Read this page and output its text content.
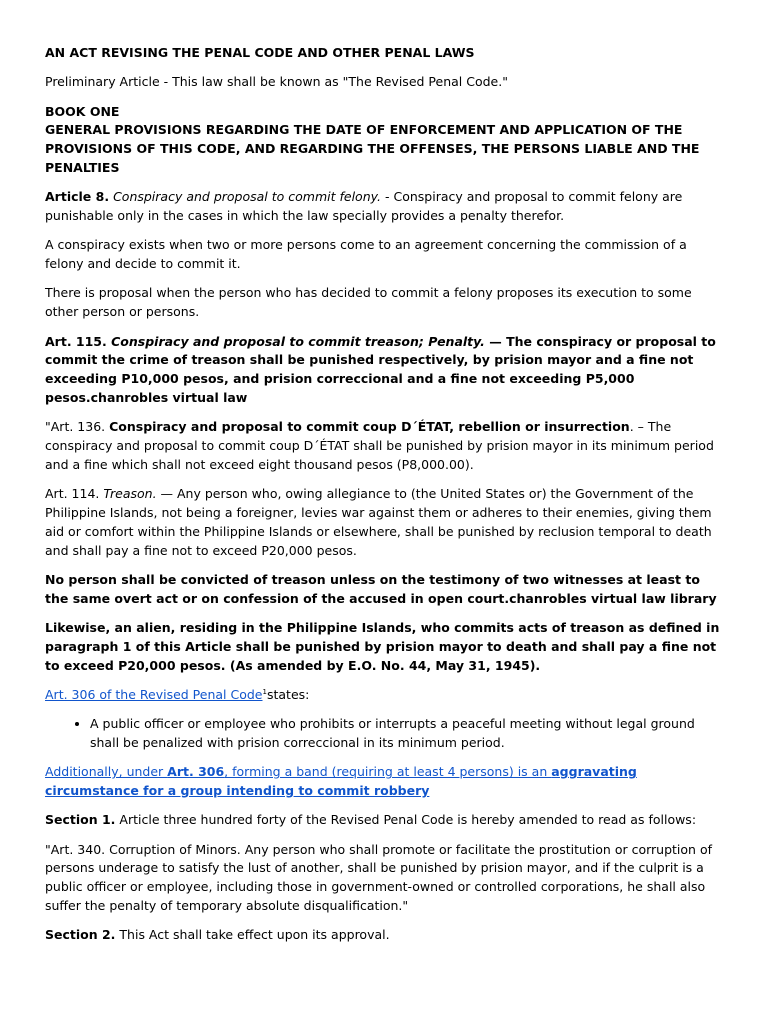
AN ACT REVISING THE PENAL CODE AND OTHER PENAL LAWS

Preliminary Article - This law shall be known as "The Revised Penal Code."

BOOK ONE
GENERAL PROVISIONS REGARDING THE DATE OF ENFORCEMENT AND APPLICATION OF THE PROVISIONS OF THIS CODE, AND REGARDING THE OFFENSES, THE PERSONS LIABLE AND THE PENALTIES

Article 8. Conspiracy and proposal to commit felony. - Conspiracy and proposal to commit felony are punishable only in the cases in which the law specially provides a penalty therefor.

A conspiracy exists when two or more persons come to an agreement concerning the commission of a felony and decide to commit it.

There is proposal when the person who has decided to commit a felony proposes its execution to some other person or persons.

Art. 115. Conspiracy and proposal to commit treason; Penalty. — The conspiracy or proposal to commit the crime of treason shall be punished respectively, by prision mayor and a fine not exceeding P10,000 pesos, and prision correccional and a fine not exceeding P5,000 pesos.chanrobles virtual law

"Art. 136. Conspiracy and proposal to commit coup D´ÉTAT, rebellion or insurrection. – The conspiracy and proposal to commit coup D´ÉTAT shall be punished by prision mayor in its minimum period and a fine which shall not exceed eight thousand pesos (P8,000.00).

Art. 114. Treason. — Any person who, owing allegiance to (the United States or) the Government of the Philippine Islands, not being a foreigner, levies war against them or adheres to their enemies, giving them aid or comfort within the Philippine Islands or elsewhere, shall be punished by reclusion temporal to death and shall pay a fine not to exceed P20,000 pesos.

No person shall be convicted of treason unless on the testimony of two witnesses at least to the same overt act or on confession of the accused in open court.chanrobles virtual law library

Likewise, an alien, residing in the Philippine Islands, who commits acts of treason as defined in paragraph 1 of this Article shall be punished by prision mayor to death and shall pay a fine not to exceed P20,000 pesos. (As amended by E.O. No. 44, May 31, 1945).

Art. 306 of the Revised Penal Code$^1$states:

• A public officer or employee who prohibits or interrupts a peaceful meeting without legal ground shall be penalized with prision correccional in its minimum period.

Additionally, under Art. 306, forming a band (requiring at least 4 persons) is an aggravating circumstance for a group intending to commit robbery

Section 1. Article three hundred forty of the Revised Penal Code is hereby amended to read as follows:

"Art. 340. Corruption of Minors. Any person who shall promote or facilitate the prostitution or corruption of persons underage to satisfy the lust of another, shall be punished by prision mayor, and if the culprit is a public officer or employee, including those in government-owned or controlled corporations, he shall also suffer the penalty of temporary absolute disqualification."

Section 2. This Act shall take effect upon its approval.
